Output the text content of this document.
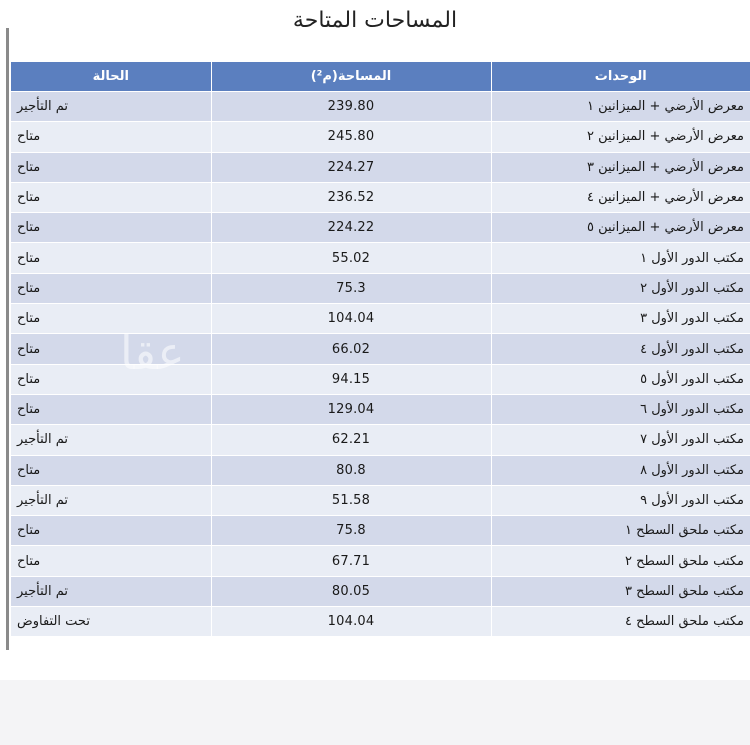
المساحات المتاحة
الوحدات	المساحة(م²)	الحالة
معرض الأرضي + الميزانين ١	239.80	تم التأجير
معرض الأرضي + الميزانين ٢	245.80	متاح
معرض الأرضي + الميزانين ٣	224.27	متاح
معرض الأرضي + الميزانين ٤	236.52	متاح
معرض الأرضي + الميزانين ٥	224.22	متاح
مكتب الدور الأول ١	55.02	متاح
مكتب الدور الأول ٢	75.3	متاح
مكتب الدور الأول ٣	104.04	متاح
مكتب الدور الأول ٤	66.02	متاح
مكتب الدور الأول ٥	94.15	متاح
مكتب الدور الأول ٦	129.04	متاح
مكتب الدور الأول ٧	62.21	تم التأجير
مكتب الدور الأول ٨	80.8	متاح
مكتب الدور الأول ٩	51.58	تم التأجير
مكتب ملحق السطح ١	75.8	متاح
مكتب ملحق السطح ٢	67.71	متاح
مكتب ملحق السطح ٣	80.05	تم التأجير
مكتب ملحق السطح ٤	104.04	تحت التفاوض
عقا
